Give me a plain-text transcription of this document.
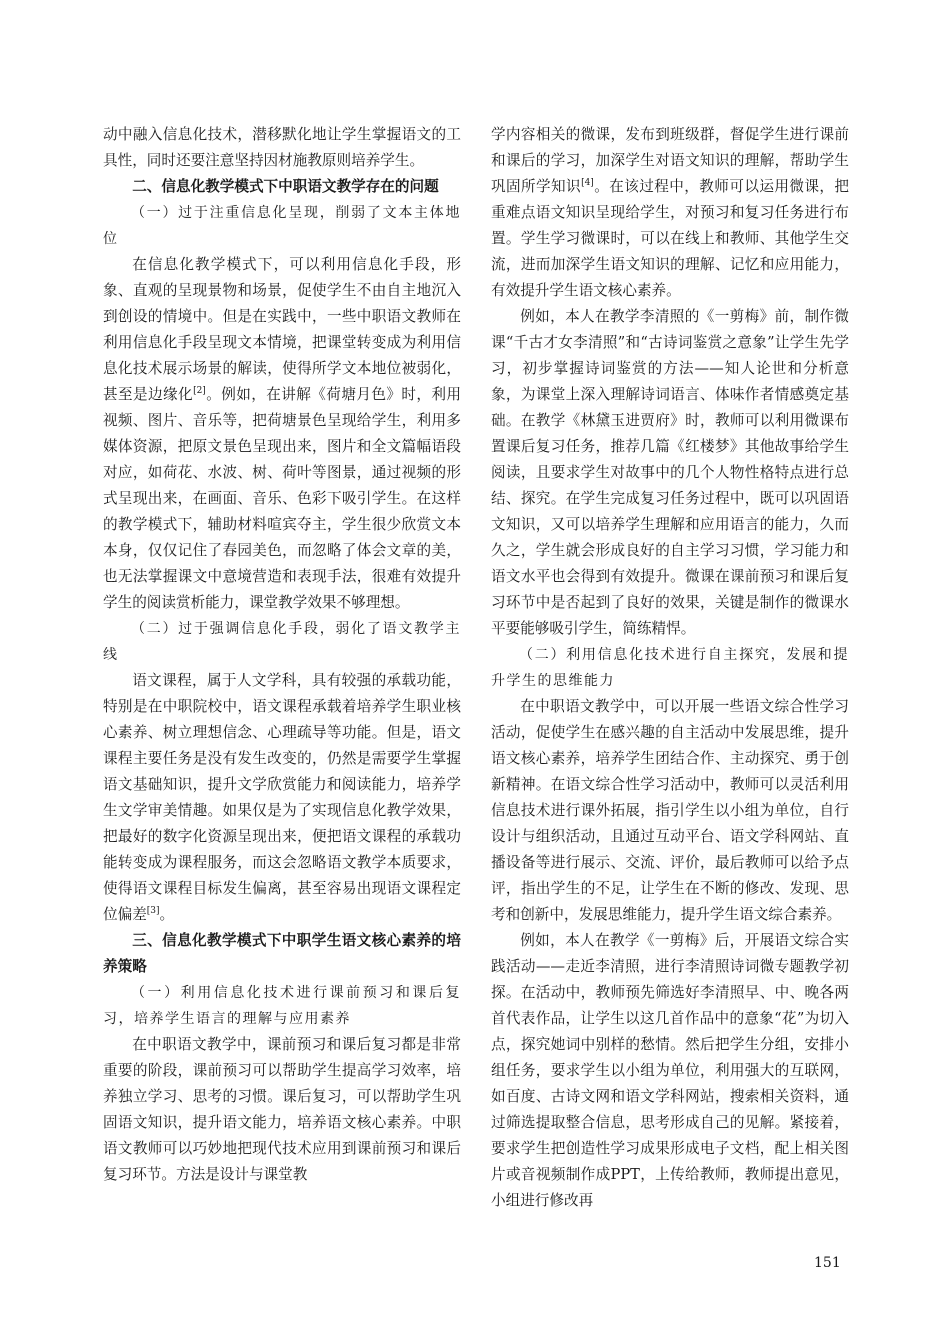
动中融入信息化技术，潜移默化地让学生掌握语文的工具性，同时还要注意坚持因材施教原则培养学生。

二、信息化教学模式下中职语文教学存在的问题
（一）过于注重信息化呈现，削弱了文本主体地位

在信息化教学模式下，可以利用信息化手段，形象、直观的呈现景物和场景，促使学生不由自主地沉入到创设的情境中。但是在实践中，一些中职语文教师在利用信息化手段呈现文本情境，把课堂转变成为利用信息化技术展示场景的解读，使得所学文本地位被弱化，甚至是边缘化[2]。例如，在讲解《荷塘月色》时，利用视频、图片、音乐等，把荷塘景色呈现给学生，利用多媒体资源，把原文景色呈现出来，图片和全文篇幅语段对应，如荷花、水波、树、荷叶等图景，通过视频的形式呈现出来，在画面、音乐、色彩下吸引学生。在这样的教学模式下，辅助材料喧宾夺主，学生很少欣赏文本本身，仅仅记住了春园美色，而忽略了体会文章的美，也无法掌握课文中意境营造和表现手法，很难有效提升学生的阅读赏析能力，课堂教学效果不够理想。

（二）过于强调信息化手段，弱化了语文教学主线

语文课程，属于人文学科，具有较强的承载功能，特别是在中职院校中，语文课程承载着培养学生职业核心素养、树立理想信念、心理疏导等功能。但是，语文课程主要任务是没有发生改变的，仍然是需要学生掌握语文基础知识，提升文学欣赏能力和阅读能力，培养学生文学审美情趣。如果仅是为了实现信息化教学效果，把最好的数字化资源呈现出来，便把语文课程的承载功能转变成为课程服务，而这会忽略语文教学本质要求，使得语文课程目标发生偏离，甚至容易出现语文课程定位偏差[3]。

三、信息化教学模式下中职学生语文核心素养的培养策略
（一）利用信息化技术进行课前预习和课后复习，培养学生语言的理解与应用素养

在中职语文教学中，课前预习和课后复习都是非常重要的阶段，课前预习可以帮助学生提高学习效率，培养独立学习、思考的习惯。课后复习，可以帮助学生巩固语文知识，提升语文能力，培养语文核心素养。中职语文教师可以巧妙地把现代技术应用到课前预习和课后复习环节。方法是设计与课堂教

学内容相关的微课，发布到班级群，督促学生进行课前和课后的学习，加深学生对语文知识的理解，帮助学生巩固所学知识[4]。在该过程中，教师可以运用微课，把重难点语文知识呈现给学生，对预习和复习任务进行布置。学生学习微课时，可以在线上和教师、其他学生交流，进而加深学生语文知识的理解、记忆和应用能力，有效提升学生语文核心素养。

例如，本人在教学李清照的《一剪梅》前，制作微课“千古才女李清照”和“古诗词鉴赏之意象”让学生先学习，初步掌握诗词鉴赏的方法——知人论世和分析意象，为课堂上深入理解诗词语言、体味作者情感奠定基础。在教学《林黛玉进贾府》时，教师可以利用微课布置课后复习任务，推荐几篇《红楼梦》其他故事给学生阅读，且要求学生对故事中的几个人物性格特点进行总结、探究。在学生完成复习任务过程中，既可以巩固语文知识，又可以培养学生理解和应用语言的能力，久而久之，学生就会形成良好的自主学习习惯，学习能力和语文水平也会得到有效提升。微课在课前预习和课后复习环节中是否起到了良好的效果，关键是制作的微课水平要能够吸引学生，简练精悍。

（二）利用信息化技术进行自主探究，发展和提升学生的思维能力

在中职语文教学中，可以开展一些语文综合性学习活动，促使学生在感兴趣的自主活动中发展思维，提升语文核心素养，培养学生团结合作、主动探究、勇于创新精神。在语文综合性学习活动中，教师可以灵活利用信息技术进行课外拓展，指引学生以小组为单位，自行设计与组织活动，且通过互动平台、语文学科网站、直播设备等进行展示、交流、评价，最后教师可以给予点评，指出学生的不足，让学生在不断的修改、发现、思考和创新中，发展思维能力，提升学生语文综合素养。

例如，本人在教学《一剪梅》后，开展语文综合实践活动——走近李清照，进行李清照诗词微专题教学初探。在活动中，教师预先筛选好李清照早、中、晚各两首代表作品，让学生以这几首作品中的意象“花”为切入点，探究她词中别样的愁情。然后把学生分组，安排小组任务，要求学生以小组为单位，利用强大的互联网，如百度、古诗文网和语文学科网站，搜索相关资料，通过筛选提取整合信息，思考形成自己的见解。紧接着，要求学生把创造性学习成果形成电子文档，配上相关图片或音视频制作成PPT，上传给教师，教师提出意见，小组进行修改再

151
